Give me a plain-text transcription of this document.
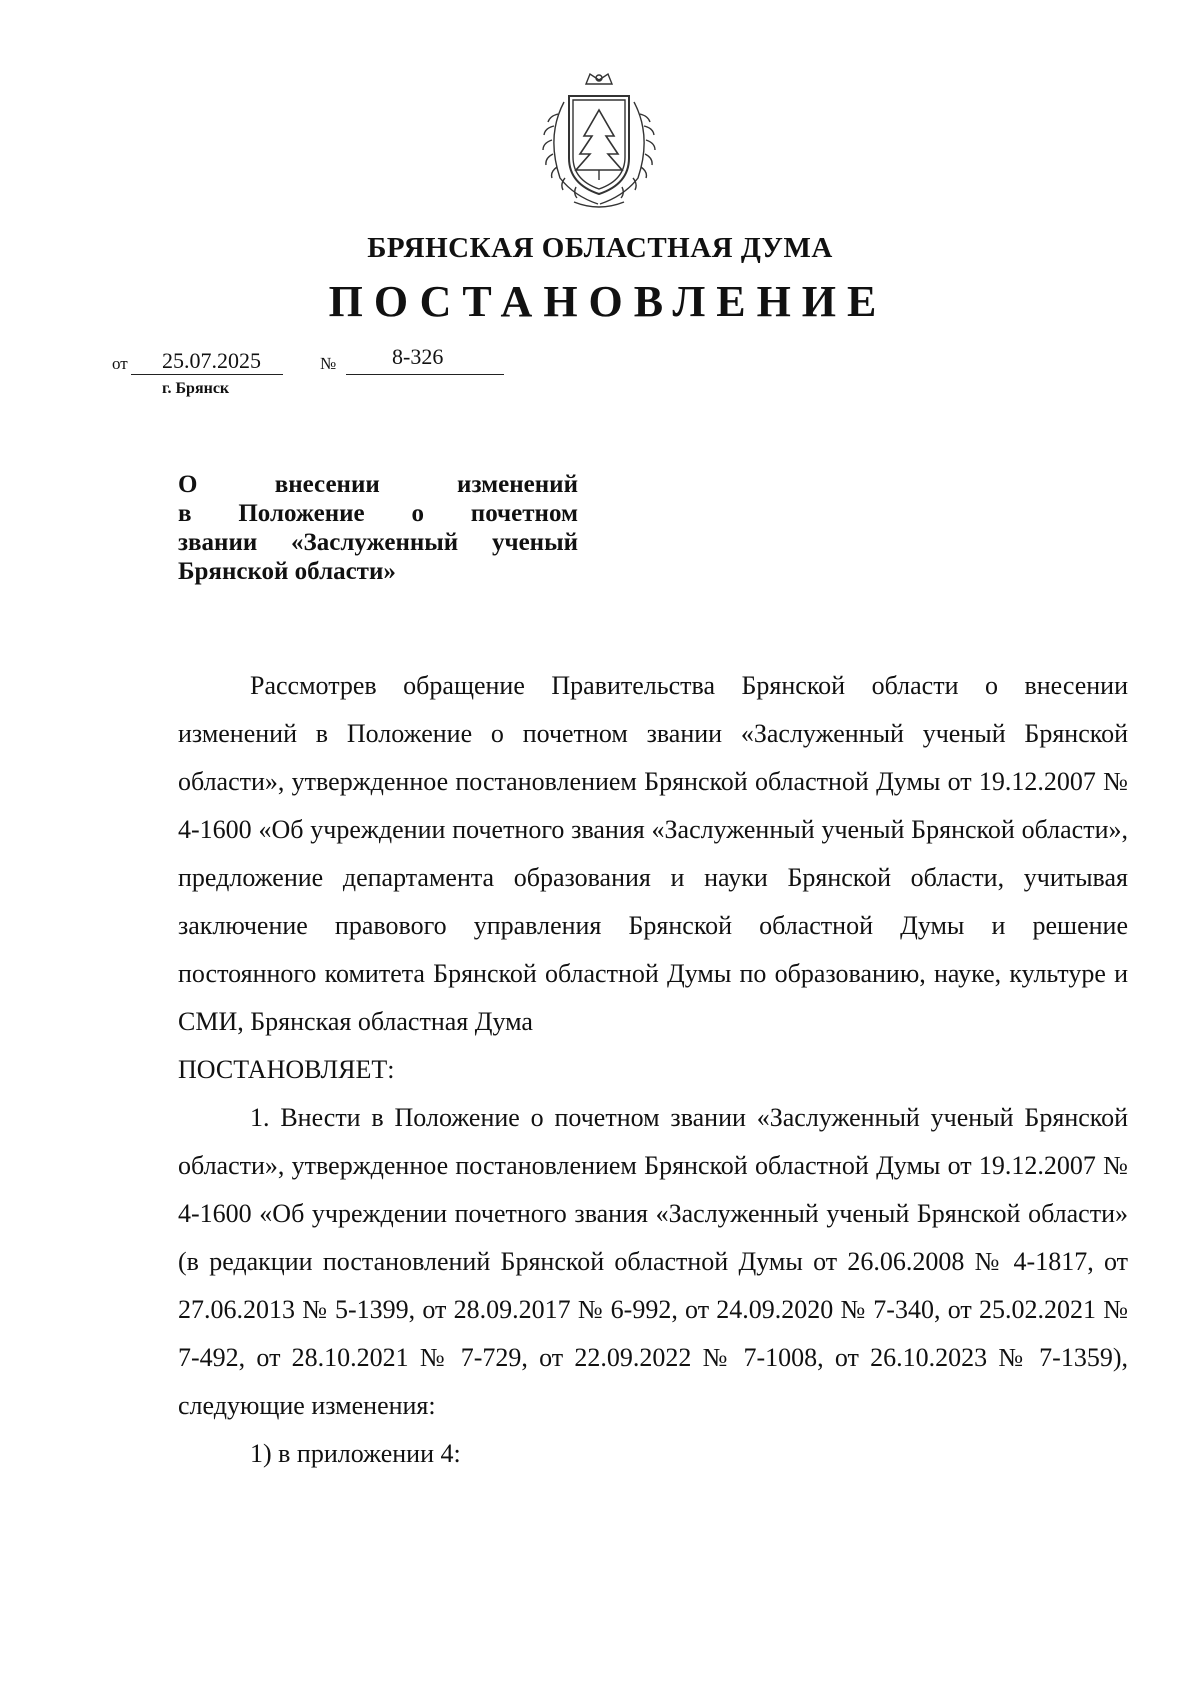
БРЯНСКАЯ ОБЛАСТНАЯ ДУМА
ПОСТАНОВЛЕНИЕ
от 25.07.2025	№	8-326
г. Брянск
О внесении изменений
в Положение о почетном
звании «Заслуженный ученый
Брянской области»

Рассмотрев обращение Правительства Брянской области о внесении изменений в Положение о почетном звании «Заслуженный ученый Брянской области», утвержденное постановлением Брянской областной Думы от 19.12.2007 № 4-1600 «Об учреждении почетного звания «Заслуженный ученый Брянской области», предложение департамента образования и науки Брянской области, учитывая заключение правового управления Брянской областной Думы и решение постоянного комитета Брянской областной Думы по образованию, науке, культуре и СМИ, Брянская областная Дума

ПОСТАНОВЛЯЕТ:

1. Внести в Положение о почетном звании «Заслуженный ученый Брянской области», утвержденное постановлением Брянской областной Думы от 19.12.2007 № 4-1600 «Об учреждении почетного звания «Заслуженный ученый Брянской области» (в редакции постановлений Брянской областной Думы от 26.06.2008 № 4-1817, от 27.06.2013 № 5-1399, от 28.09.2017 № 6-992, от 24.09.2020 № 7-340, от 25.02.2021 № 7-492, от 28.10.2021 № 7-729, от 22.09.2022 № 7-1008, от 26.10.2023 № 7-1359), следующие изменения:

1) в приложении 4:
